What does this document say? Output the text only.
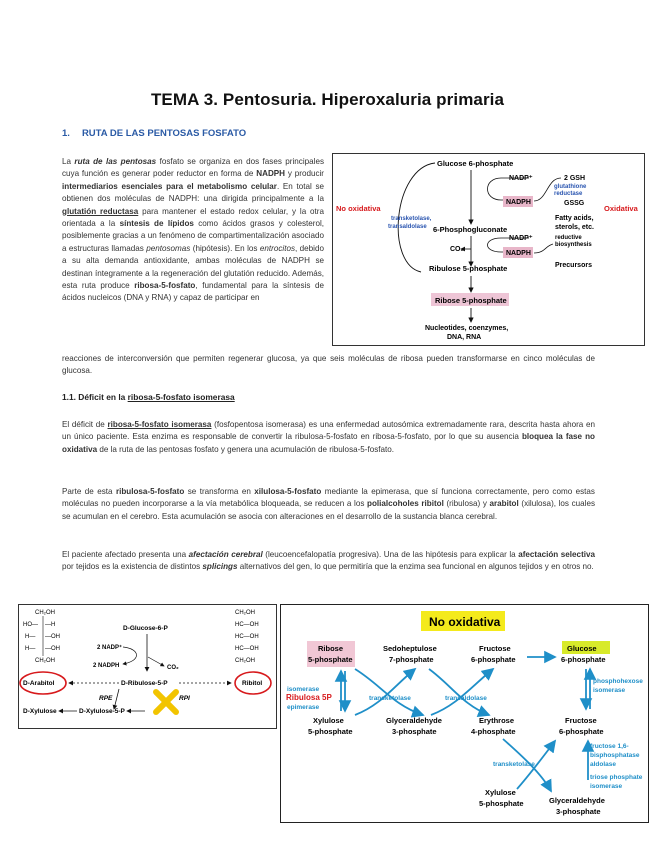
TEMA 3. Pentosuria. Hiperoxaluria primaria
1. RUTA DE LAS PENTOSAS FOSFATO

La ruta de las pentosas fosfato se organiza en dos fases principales cuya función es generar poder reductor en forma de NADPH y producir intermediarios esenciales para el metabolismo celular. En total se obtienen dos moléculas de NADPH: una dirigida principalmente a la glutatión reductasa para mantener el estado redox celular, y la otra orientada a la síntesis de lípidos como ácidos grasos y colesterol, posiblemente gracias a un fenómeno de compartimentalización asociado a estructuras llamadas pentosomas (hipótesis). En los entrocitos, debido a su alta demanda antioxidante, ambas moléculas de NADPH se destinan íntegramente a la regeneración del glutatión reducido. Además, esta ruta produce ribosa-5-fosfato, fundamental para la síntesis de ácidos nucleicos (DNA y RNA) y capaz de participar en

reacciones de interconversión que permiten regenerar glucosa, ya que seis moléculas de ribosa pueden transformarse en cinco moléculas de glucosa.

Glucose 6-phosphate
NADP⁺
NADPH
2 GSH
glutathione
reductase
GSSG
6-Phosphogluconate
Fatty acids,
sterols, etc.
reductive
biosynthesis
CO₂
NADP⁺
NADPH
Precursors
Ribulose 5-phosphate
Ribose 5-phosphate
Nucleotides, coenzymes,
DNA, RNA
No oxidativa	Oxidativa
transketolase,
transaldolase
1.1. Déficit en la ribosa-5-fosfato isomerasa

El déficit de ribosa-5-fosfato isomerasa (fosfopentosa isomerasa) es una enfermedad autosómica extremadamente rara, descrita hasta ahora en un único paciente. Esta enzima es responsable de convertir la ribulosa-5-fosfato en ribosa-5-fosfato, por lo que su ausencia bloquea la fase no oxidativa de la ruta de las pentosas fosfato y genera una acumulación de ribulosa-5-fosfato.

Parte de esta ribulosa-5-fosfato se transforma en xilulosa-5-fosfato mediante la epimerasa, que sí funciona correctamente, pero como estas moléculas no pueden incorporarse a la vía metabólica bloqueada, se reducen a los polialcoholes ribitol (ribulosa) y arabitol (xilulosa), los cuales se acumulan en el cerebro. Esta acumulación se asocia con alteraciones en el desarrollo de la sustancia blanca cerebral.

El paciente afectado presenta una afectación cerebral (leucoencefalopatía progresiva). Una de las hipótesis para explicar la afectación selectiva por tejidos es la existencia de distintos splicings alternativos del gen, lo que permitiría que la enzima sea funcional en algunos tejidos y en otros no.

CH₂OH
HO— —H
H— —OH
H— —OH
CH₂OH
CH₂OH
HC—OH
HC—OH
HC—OH
CH₂OH
D-Glucose-6-P
2 NADP⁺
2 NADPH	CO₂
D-Arabitol	D-Ribulose-5-P	Ribitol
RPE	RPI
D-Xylulose	D-Xylulose-5-P
No oxidativa
Ribose
5-phosphate
Sedoheptulose
7-phosphate
Fructose
6-phosphate
Glucose
6-phosphate
isomerase
Ribulosa 5P
epimerase
transketolase	transaldolase
phosphohexose
isomerase
Xylulose
5-phosphate
Glyceraldehyde
3-phosphate
Erythrose
4-phosphate
Fructose
6-phosphate
fructose 1,6-
bisphosphatase
aldolase
triose phosphate
isomerase
transketolase
Xylulose
5-phosphate	Glyceraldehyde
3-phosphate
